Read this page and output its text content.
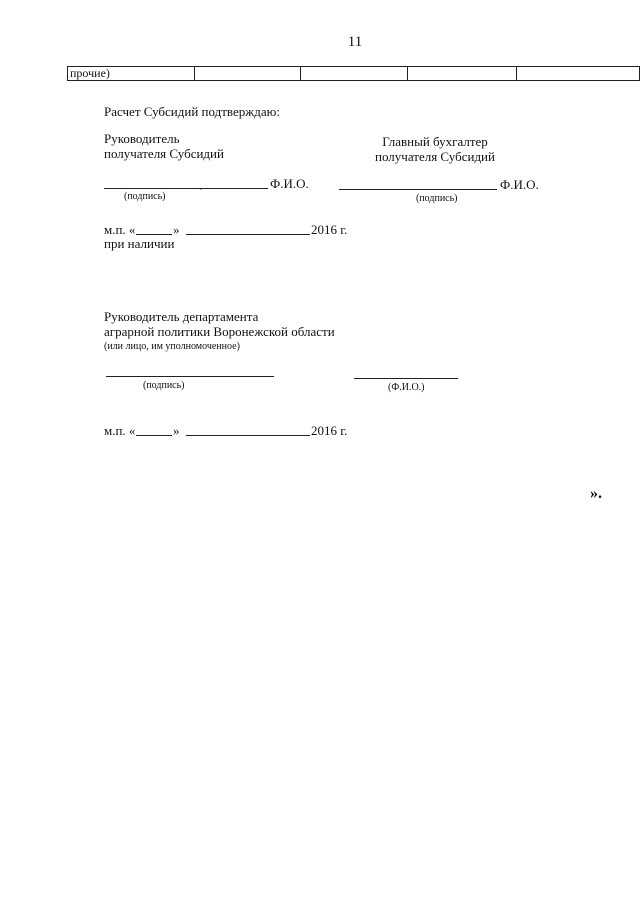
11
прочие)				
Расчет Субсидий подтверждаю:
Руководитель
получателя Субсидий
Главный бухгалтер
получателя Субсидий
Ф.И.О.
(подпись)	`
Ф.И.О.
(подпись)
м.п. «	»	2016 г.
при наличии
Руководитель департамента
аграрной политики Воронежской области
(или лицо, им уполномоченное)
(подпись)	(Ф.И.О.)
м.п. «	»	2016 г.
».
